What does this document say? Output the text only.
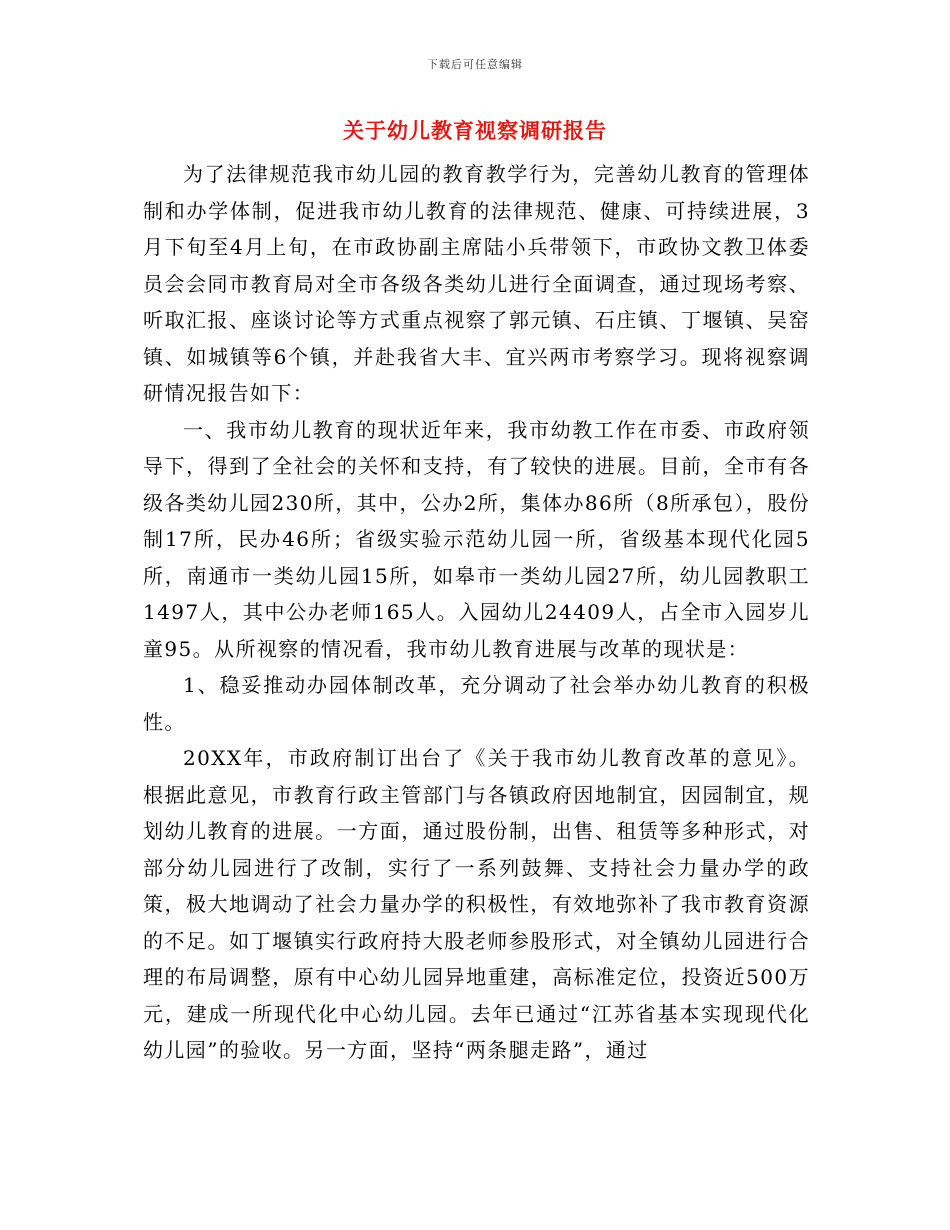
下载后可任意编辑
关于幼儿教育视察调研报告

为了法律规范我市幼儿园的教育教学行为，完善幼儿教育的管理体制和办学体制，促进我市幼儿教育的法律规范、健康、可持续进展，3月下旬至4月上旬，在市政协副主席陆小兵带领下，市政协文教卫体委员会会同市教育局对全市各级各类幼儿进行全面调查，通过现场考察、听取汇报、座谈讨论等方式重点视察了郭元镇、石庄镇、丁堰镇、吴窑镇、如城镇等6个镇，并赴我省大丰、宜兴两市考察学习。现将视察调研情况报告如下：

一、我市幼儿教育的现状近年来，我市幼教工作在市委、市政府领导下，得到了全社会的关怀和支持，有了较快的进展。目前，全市有各级各类幼儿园230所，其中，公办2所，集体办86所（8所承包），股份制17所，民办46所；省级实验示范幼儿园一所，省级基本现代化园5所，南通市一类幼儿园15所，如皋市一类幼儿园27所，幼儿园教职工1497人，其中公办老师165人。入园幼儿24409人，占全市入园岁儿童95。从所视察的情况看，我市幼儿教育进展与改革的现状是：

1、稳妥推动办园体制改革，充分调动了社会举办幼儿教育的积极性。

20XX年，市政府制订出台了《关于我市幼儿教育改革的意见》。根据此意见，市教育行政主管部门与各镇政府因地制宜，因园制宜，规划幼儿教育的进展。一方面，通过股份制，出售、租赁等多种形式，对部分幼儿园进行了改制，实行了一系列鼓舞、支持社会力量办学的政策，极大地调动了社会力量办学的积极性，有效地弥补了我市教育资源的不足。如丁堰镇实行政府持大股老师参股形式，对全镇幼儿园进行合理的布局调整，原有中心幼儿园异地重建，高标准定位，投资近500万元，建成一所现代化中心幼儿园。去年已通过“江苏省基本实现现代化幼儿园”的验收。另一方面，坚持“两条腿走路”，通过
